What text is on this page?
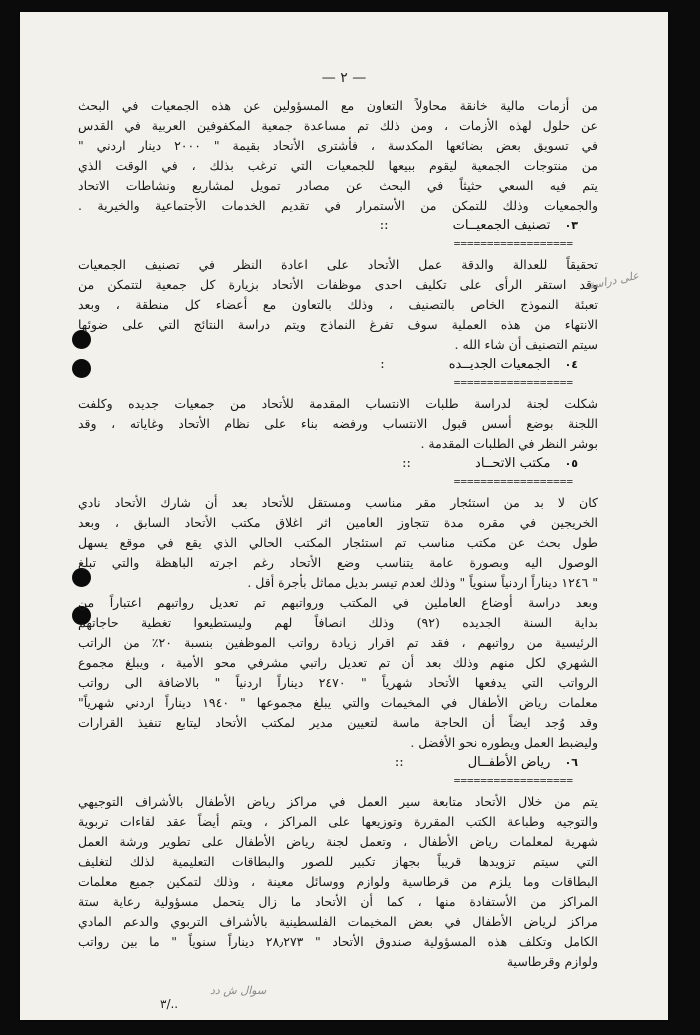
— ٢ —
من أزمات مالية خانقة محاولاً التعاون مع المسؤولين عن هذه الجمعيات في البحث
عن حلول لهذه الأزمات ، ومن ذلك تم مساعدة جمعية المكفوفين العربية في القدس
في تسويق بعض بضائعها المكدسة ، فأشترى الأتحاد بقيمة " ٢٠٠٠ دينار اردني "
من منتوجات الجمعية ليقوم ببيعها للجمعيات التي ترغب بذلك ، في الوقت الذي
يتم فيه السعي حثيثاً في البحث عن مصادر تمويل لمشاريع ونشاطات الاتحاد
والجمعيات وذلك للتمكن من الأستمرار في تقديم الخدمات الأجتماعية والخيرية .
٠٣ تصنيف الجمعيــات ::
==================
تحقيقاً للعدالة والدقة عمل الأتحاد على اعادة النظر في تصنيف الجمعيات
وقد استقر الرأى على تكليف احدى موظفات الأتحاد بزيارة كل جمعية لتتمكن من
تعبئة النموذج الخاص بالتصنيف ، وذلك بالتعاون مع أعضاء كل منطقة ، وبعد
الانتهاء من هذه العملية سوف تفرغ النماذج ويتم دراسة النتائج التي على ضوئها
سيتم التصنيف أن شاء الله .
٠٤ الجمعيات الجديــده :
==================
شكلت لجنة لدراسة طلبات الانتساب المقدمة للأتحاد من جمعيات جديده وكلفت
اللجنة بوضع أسس قبول الانتساب ورفضه بناء على نظام الأتحاد وغاياته ، وقد
بوشر النظر في الطلبات المقدمة .
٠٥ مكتب الاتحــاد ::
==================
كان لا بد من استئجار مقر مناسب ومستقل للأتحاد بعد أن شارك الأتحاد نادي
الخريجين في مقره مدة تتجاوز العامين اثر اغلاق مكتب الأتحاد السابق ، وبعد
طول بحث عن مكتب مناسب تم استئجار المكتب الحالي الذي يقع في موقع يسهل
الوصول اليه وبصورة عامة يتناسب وضع الأتحاد رغم اجرته الباهظة والتي تبلغ
" ١٢٤٦ ديناراً اردنياً سنوياً " وذلك لعدم تيسر بديل مماثل بأجرة أقل .
وبعد دراسة أوضاع العاملين في المكتب ورواتبهم تم تعديل رواتبهم اعتباراً من
بداية السنة الجديده (٩٢) وذلك انصافاً لهم وليستطيعوا تغطية حاجاتهم
الرئيسية من رواتبهم ، فقد تم اقرار زيادة رواتب الموظفين بنسبة ٢٠٪ من الراتب
الشهري لكل منهم وذلك بعد أن تم تعديل راتبي مشرفي محو الأمية ، ويبلغ مجموع
الرواتب التي يدفعها الأتحاد شهرياً " ٢٤٧٠ ديناراً اردنياً " بالاضافة الى رواتب
معلمات رياض الأطفال في المخيمات والتي يبلغ مجموعها " ١٩٤٠ ديناراً اردني شهرياً"
وقد وُجد ايضاً أن الحاجة ماسة لتعيين مدير لمكتب الأتحاد ليتابع تنفيذ القرارات
وليضبط العمل ويطوره نحو الأفضل .
٠٦ رياض الأطفــال ::
==================
يتم من خلال الأتحاد متابعة سير العمل في مراكز رياض الأطفال بالأشراف التوجيهي
والتوجيه وطباعة الكتب المقررة وتوزيعها على المراكز ، ويتم أيضاً عقد لقاءات تربوية
شهرية لمعلمات رياض الأطفال ، وتعمل لجنة رياض الأطفال على تطوير ورشة العمل
التي سيتم تزويدها قريباً بجهاز تكبير للصور والبطاقات التعليمية لذلك لتغليف
البطاقات وما يلزم من قرطاسية ولوازم ووسائل معينة ، وذلك لتمكين جميع معلمات
المراكز من الأستفادة منها ، كما أن الأتحاد ما زال يتحمل مسؤولية رعاية ستة
مراكز لرياض الأطفال في بعض المخيمات الفلسطينية بالأشراف التربوي والدعم المادي
الكامل وتكلف هذه المسؤولية صندوق الأتحاد " ٢٨٫٢٧٣ ديناراً سنوياً " ما بين رواتب
ولوازم وقرطاسية
على دراسة
سوال ش دد
٣/..
